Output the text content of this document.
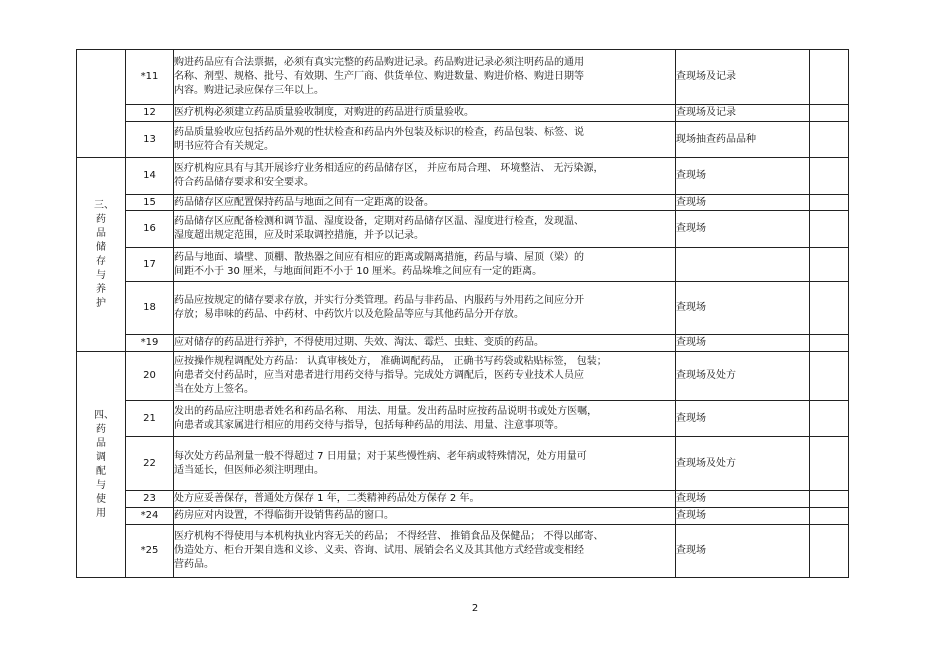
	*11	购进药品应有合法票据，必须有真实完整的药品购进记录。药品购进记录必须注明药品的通用
名称、剂型、规格、批号、有效期、生产厂商、供货单位、购进数量、购进价格、购进日期等
内容。购进记录应保存三年以上。	查现场及记录	
	12	医疗机构必须建立药品质量验收制度，对购进的药品进行质量验收。	查现场及记录	
	13	药品质量验收应包括药品外观的性状检查和药品内外包装及标识的检查，药品包装、标签、说
明书应符合有关规定。	现场抽查药品品种	

三、药品储存与养护	14	医疗机构应具有与其开展诊疗业务相适应的药品储存区， 并应布局合理、 环境整洁、 无污染源，
符合药品储存要求和安全要求。	查现场	
	15	药品储存区应配置保持药品与地面之间有一定距离的设备。	查现场	
	16	药品储存区应配备检测和调节温、湿度设备，定期对药品储存区温、湿度进行检查，发现温、
湿度超出规定范围，应及时采取调控措施，并予以记录。	查现场	
	17	药品与地面、墙壁、顶棚、散热器之间应有相应的距离或隔离措施，药品与墙、屋顶（梁）的
间距不小于 30 厘米，与地面间距不小于 10 厘米。药品垛堆之间应有一定的距离。		

	18	药品应按规定的储存要求存放，并实行分类管理。药品与非药品、内服药与外用药之间应分开
存放；易串味的药品、中药材、中药饮片以及危险品等应与其他药品分开存放。	查现场	
	*19	应对储存的药品进行养护，不得使用过期、失效、淘汰、霉烂、虫蛀、变质的药品。	查现场	

四、药品调配与使用	20	应按操作规程调配处方药品： 认真审核处方， 准确调配药品， 正确书写药袋或粘贴标签， 包装；
向患者交付药品时，应当对患者进行用药交待与指导。完成处方调配后，医药专业技术人员应
当在处方上签名。	查现场及处方	
	21	发出的药品应注明患者姓名和药品名称、 用法、用量。发出药品时应按药品说明书或处方医嘱，
向患者或其家属进行相应的用药交待与指导，包括每种药品的用法、用量、注意事项等。	查现场	
	22	每次处方药品剂量一般不得超过 7 日用量；对于某些慢性病、老年病或特殊情况，处方用量可
适当延长，但医师必须注明理由。	查现场及处方	
	23	处方应妥善保存，普通处方保存 1 年，二类精神药品处方保存 2 年。	查现场	
	*24	药房应对内设置，不得临街开设销售药品的窗口。	查现场	
	*25	医疗机构不得使用与本机构执业内容无关的药品； 不得经营、 推销食品及保健品； 不得以邮寄、
伪造处方、柜台开架自选和义诊、义卖、咨询、试用、展销会名义及其其他方式经营或变相经
营药品。	查现场	
2
